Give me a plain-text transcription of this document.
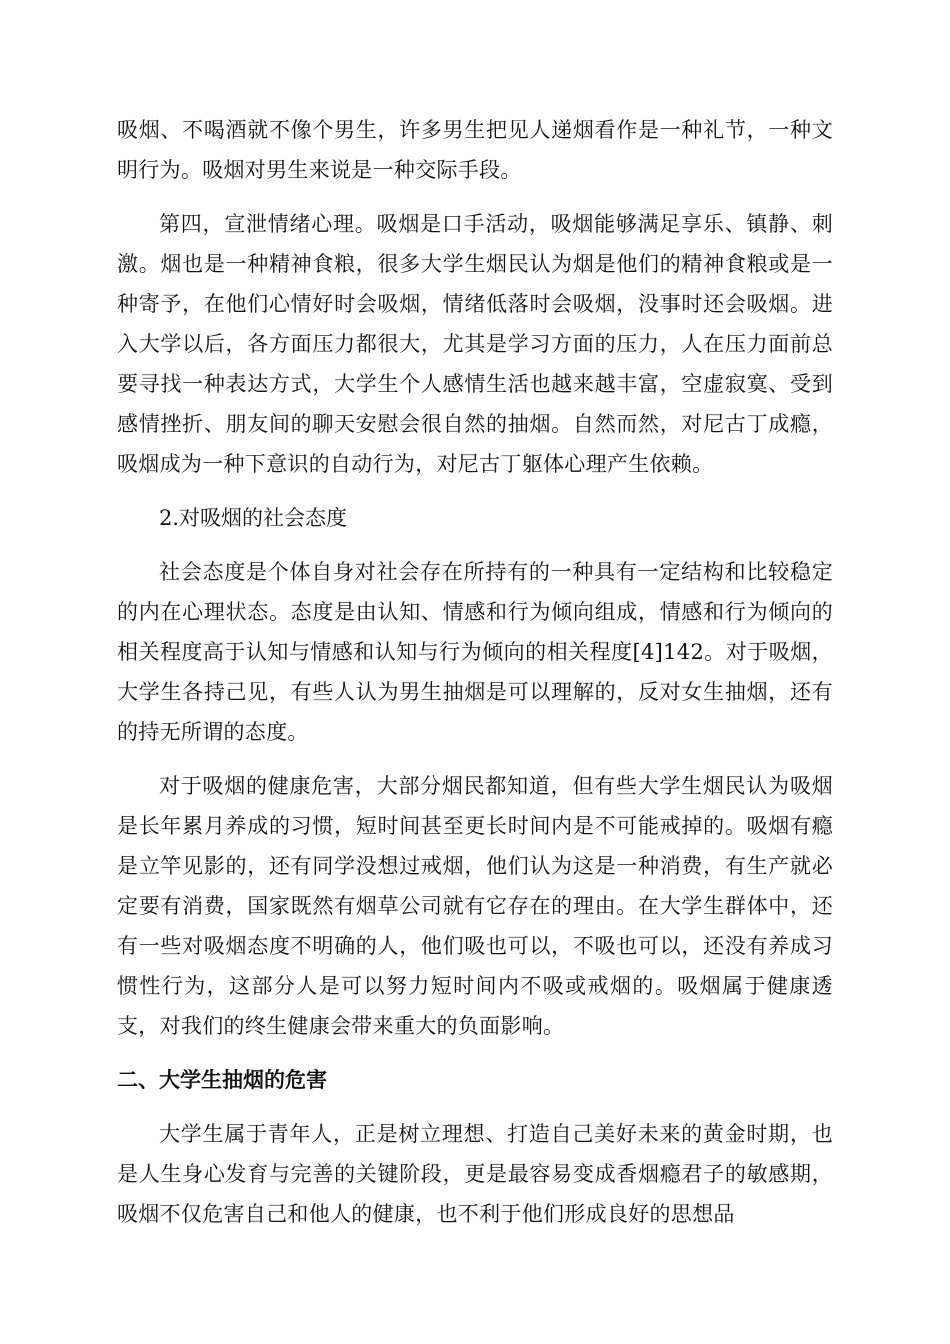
吸烟、不喝酒就不像个男生，许多男生把见人递烟看作是一种礼节，一种文明行为。吸烟对男生来说是一种交际手段。

第四，宣泄情绪心理。吸烟是口手活动，吸烟能够满足享乐、镇静、刺激。烟也是一种精神食粮，很多大学生烟民认为烟是他们的精神食粮或是一种寄予，在他们心情好时会吸烟，情绪低落时会吸烟，没事时还会吸烟。进入大学以后，各方面压力都很大，尤其是学习方面的压力，人在压力面前总要寻找一种表达方式，大学生个人感情生活也越来越丰富，空虚寂寞、受到感情挫折、朋友间的聊天安慰会很自然的抽烟。自然而然，对尼古丁成瘾，吸烟成为一种下意识的自动行为，对尼古丁躯体心理产生依赖。

2.对吸烟的社会态度

社会态度是个体自身对社会存在所持有的一种具有一定结构和比较稳定的内在心理状态。态度是由认知、情感和行为倾向组成，情感和行为倾向的相关程度高于认知与情感和认知与行为倾向的相关程度[4]142。对于吸烟，大学生各持己见，有些人认为男生抽烟是可以理解的，反对女生抽烟，还有的持无所谓的态度。

对于吸烟的健康危害，大部分烟民都知道，但有些大学生烟民认为吸烟是长年累月养成的习惯，短时间甚至更长时间内是不可能戒掉的。吸烟有瘾是立竿见影的，还有同学没想过戒烟，他们认为这是一种消费，有生产就必定要有消费，国家既然有烟草公司就有它存在的理由。在大学生群体中，还有一些对吸烟态度不明确的人，他们吸也可以，不吸也可以，还没有养成习惯性行为，这部分人是可以努力短时间内不吸或戒烟的。吸烟属于健康透支，对我们的终生健康会带来重大的负面影响。

二、大学生抽烟的危害

大学生属于青年人，正是树立理想、打造自己美好未来的黄金时期，也是人生身心发育与完善的关键阶段，更是最容易变成香烟瘾君子的敏感期，吸烟不仅危害自己和他人的健康，也不利于他们形成良好的思想品
